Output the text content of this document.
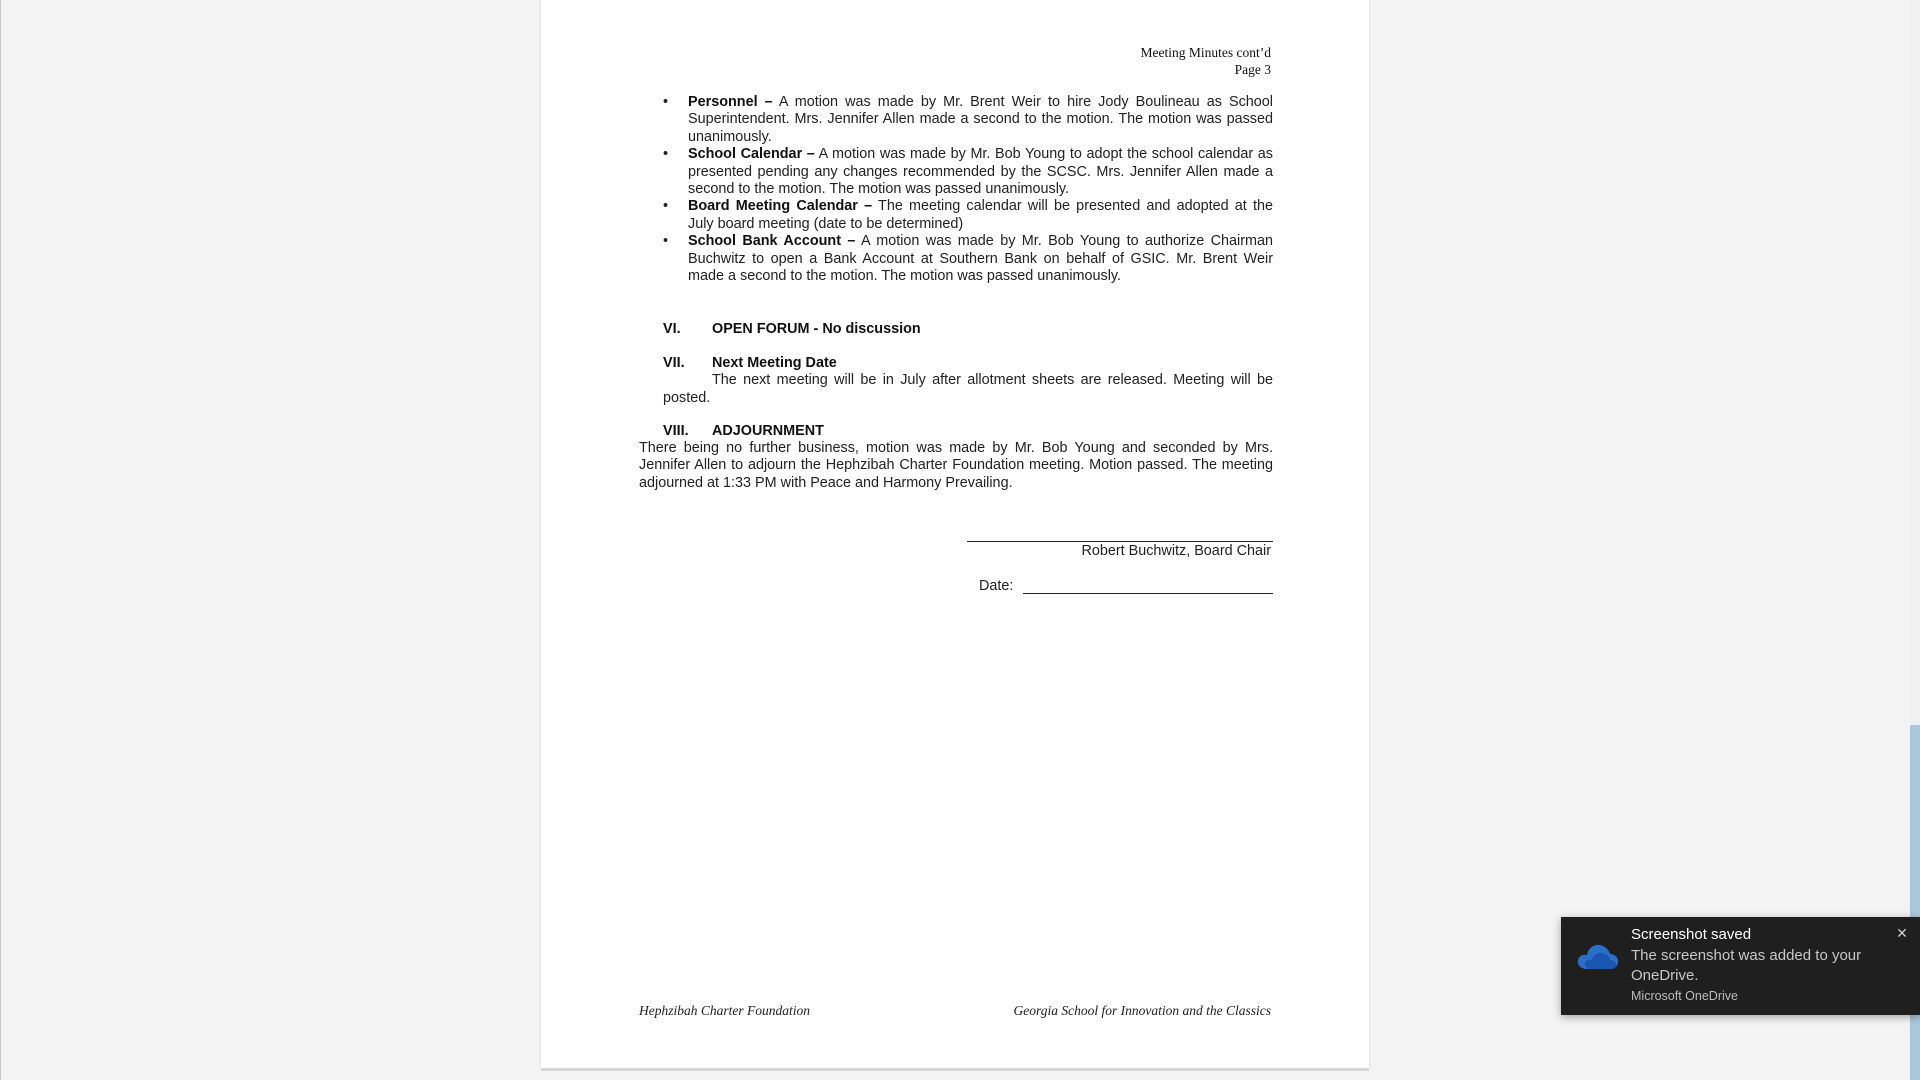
Meeting Minutes cont’d
Page 3

• Personnel – A motion was made by Mr. Brent Weir to hire Jody Boulineau as School Superintendent. Mrs. Jennifer Allen made a second to the motion. The motion was passed unanimously.

• School Calendar – A motion was made by Mr. Bob Young to adopt the school calendar as presented pending any changes recommended by the SCSC. Mrs. Jennifer Allen made a second to the motion. The motion was passed unanimously.

• Board Meeting Calendar – The meeting calendar will be presented and adopted at the July board meeting (date to be determined)

• School Bank Account – A motion was made by Mr. Bob Young to authorize Chairman Buchwitz to open a Bank Account at Southern Bank on behalf of GSIC. Mr. Brent Weir made a second to the motion. The motion was passed unanimously.

VI. OPEN FORUM - No discussion
VII. Next Meeting Date

The next meeting will be in July after allotment sheets are released. Meeting will be posted.

VIII. ADJOURNMENT

There being no further business, motion was made by Mr. Bob Young and seconded by Mrs. Jennifer Allen to adjourn the Hephzibah Charter Foundation meeting. Motion passed. The meeting adjourned at 1:33 PM with Peace and Harmony Prevailing.

Robert Buchwitz, Board Chair
Date:
Hephzibah Charter Foundation	Georgia School for Innovation and the Classics
Screenshot saved
The screenshot was added to your OneDrive.
Microsoft OneDrive
✕
